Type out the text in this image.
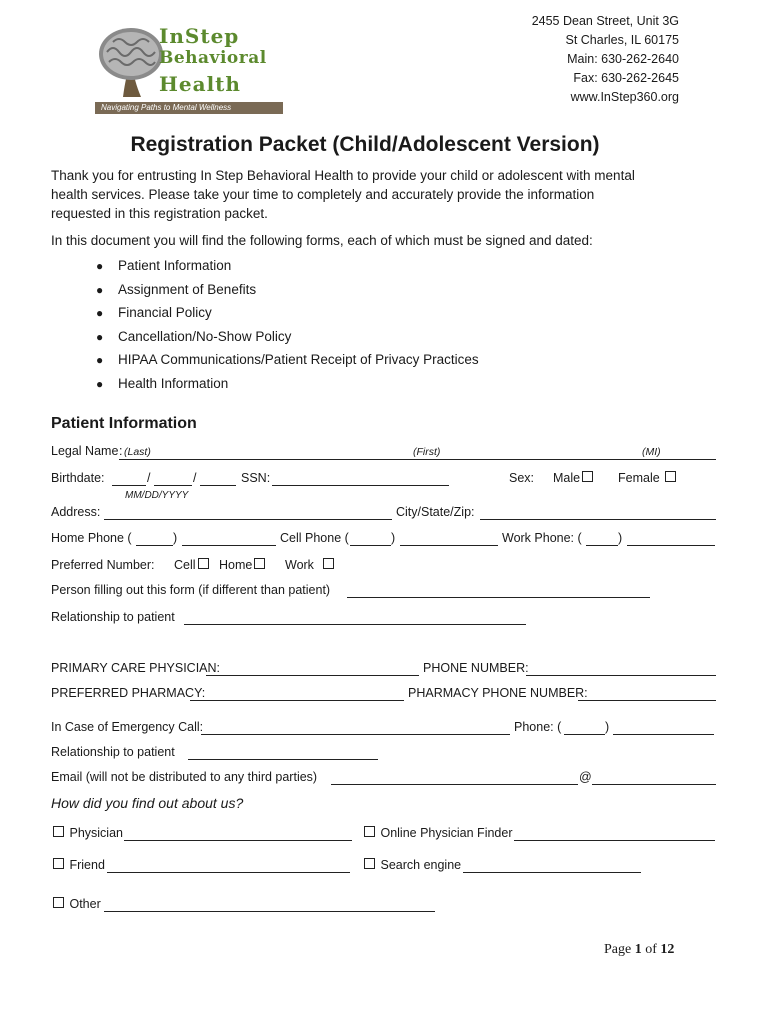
InStep
Behavioral
Health
Navigating Paths to Mental Wellness
2455 Dean Street, Unit 3G
St Charles, IL 60175
Main: 630-262-2640
Fax: 630-262-2645
www.InStep360.org
Registration Packet (Child/Adolescent Version)
Thank you for entrusting In Step Behavioral Health to provide your child or adolescent with mental
health services. Please take your time to completely and accurately provide the information
requested in this registration packet.
In this document you will find the following forms, each of which must be signed and dated:
● Patient Information
● Assignment of Benefits
● Financial Policy
● Cancellation/No-Show Policy
● HIPAA Communications/Patient Receipt of Privacy Practices
● Health Information
Patient Information
Legal Name : (Last)	(First)	(MI)
Birthdate:	/	/	SSN:	Sex: Male	Female
MM/DD/YYYY
Address:	City/State/Zip:
Home Phone (	)	Cell Phone (	)	Work Phone: (	)
Preferred Number: Cell	Home	Work
Person filling out this form (if different than patient)
Relationship to patient
PRIMARY CARE PHYSICIAN:	PHONE NUMBER:
PREFERRED PHARMACY:	PHARMACY PHONE NUMBER:
In Case of Emergency Call:	Phone: (	)
Relationship to patient
Email (will not be distributed to any third parties)	@
How did you find out about us?
Physician	Online Physician Finder
Friend	Search engine
Other
Page 1 of 12
